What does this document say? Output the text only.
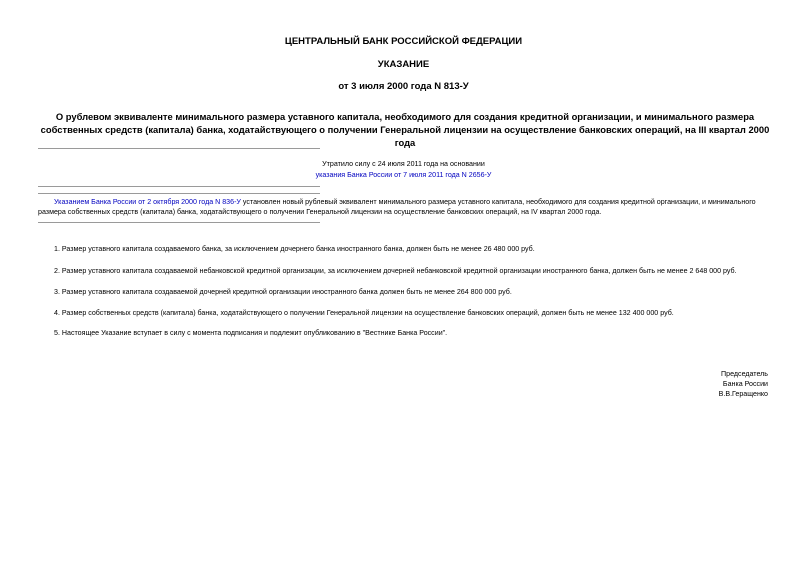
ЦЕНТРАЛЬНЫЙ БАНК РОССИЙСКОЙ ФЕДЕРАЦИИ
УКАЗАНИЕ
от 3 июля 2000 года N 813-У
О рублевом эквиваленте минимального размера уставного капитала, необходимого для создания кредитной организации, и минимального размера собственных средств (капитала) банка, ходатайствующего о получении Генеральной лицензии на осуществление банковских операций, на III квартал 2000 года
Утратило силу с 24 июля 2011 года на основании
указания Банка России от 7 июля 2011 года N 2656-У
Указанием Банка России от 2 октября 2000 года N 836-У установлен новый рублевый эквивалент минимального размера уставного капитала, необходимого для создания кредитной организации, и минимального размера собственных средств (капитала) банка, ходатайствующего о получении Генеральной лицензии на осуществление банковских операций, на IV квартал 2000 года.
1. Размер уставного капитала создаваемого банка, за исключением дочернего банка иностранного банка, должен быть не менее 26 480 000 руб.
2. Размер уставного капитала создаваемой небанковской кредитной организации, за исключением дочерней небанковской кредитной организации иностранного банка, должен быть не менее 2 648 000 руб.
3. Размер уставного капитала создаваемой дочерней кредитной организации иностранного банка должен быть не менее 264 800 000 руб.
4. Размер собственных средств (капитала) банка, ходатайствующего о получении Генеральной лицензии на осуществление банковских операций, должен быть не менее 132 400 000 руб.
5. Настоящее Указание вступает в силу с момента подписания и подлежит опубликованию в "Вестнике Банка России".
Председатель
Банка России
В.В.Геращенко
